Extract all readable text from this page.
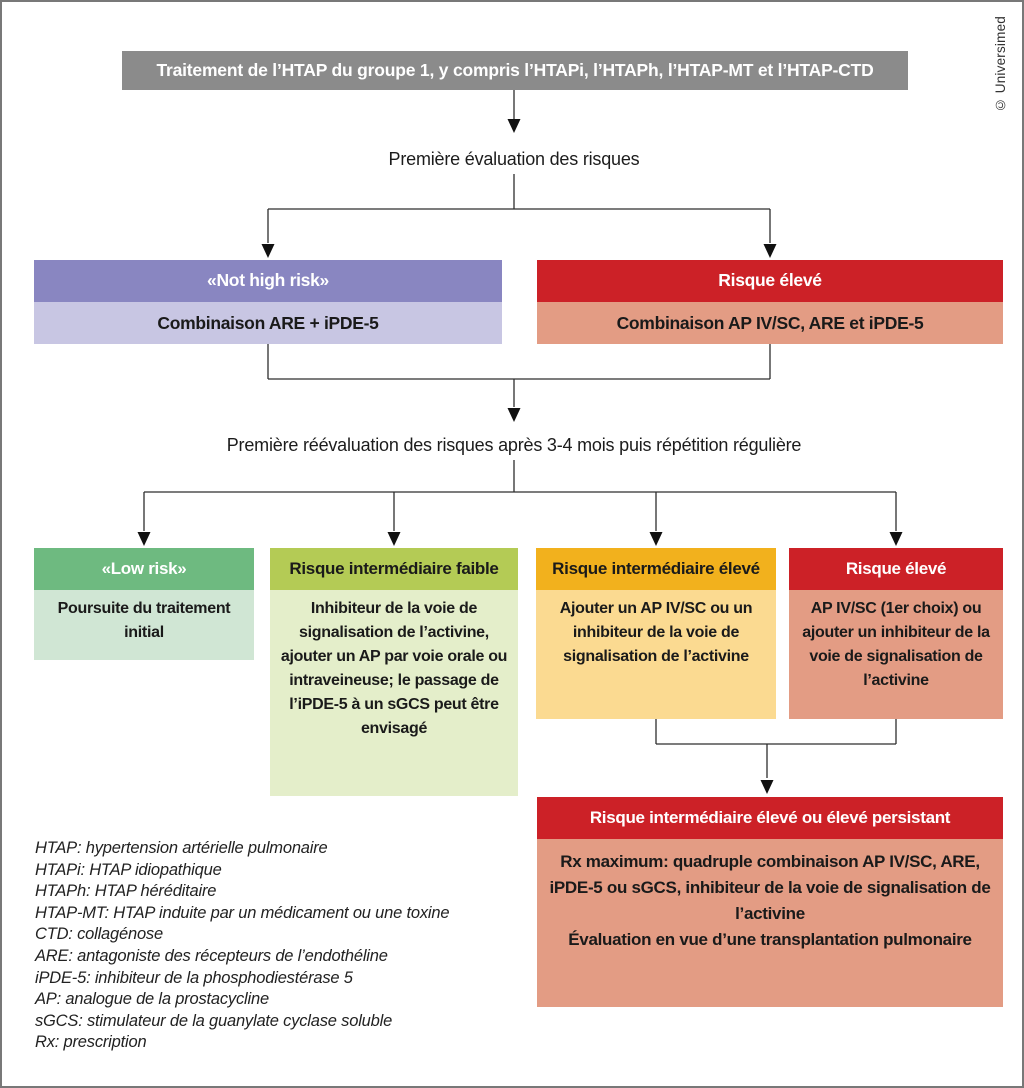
Traitement de l’HTAP du groupe 1, y compris l’HTAPi, l’HTAPh, l’HTAP-MT et l’HTAP-CTD
Première évaluation des risques
«Not high risk»
Combinaison ARE + iPDE-5
Risque élevé
Combinaison AP IV/SC, ARE et iPDE-5
Première réévaluation des risques après 3-4 mois puis répétition régulière
«Low risk»
Poursuite du traitement initial
Risque intermédiaire faible
Inhibiteur de la voie de signalisation de l’activine, ajouter un AP par voie orale ou intraveineuse; le passage de l’iPDE-5 à un sGCS peut être envisagé
Risque intermédiaire élevé
Ajouter un AP IV/SC ou un inhibiteur de la voie de signalisation de l’activine
Risque élevé
AP IV/SC (1er choix) ou ajouter un inhibiteur de la voie de signalisation de l’activine
Risque intermédiaire élevé ou élevé persistant

Rx maximum: quadruple combinaison AP IV/SC, ARE, iPDE-5 ou sGCS, inhibiteur de la voie de signalisation de l’activine

Évaluation en vue d’une transplantation pulmonaire

HTAP: hypertension artérielle pulmonaire
HTAPi: HTAP idiopathique
HTAPh: HTAP héréditaire
HTAP-MT: HTAP induite par un médicament ou une toxine
CTD: collagénose
ARE: antagoniste des récepteurs de l’endothéline
iPDE-5: inhibiteur de la phosphodiestérase 5
AP: analogue de la prostacycline
sGCS: stimulateur de la guanylate cyclase soluble
Rx: prescription
© Universimed
